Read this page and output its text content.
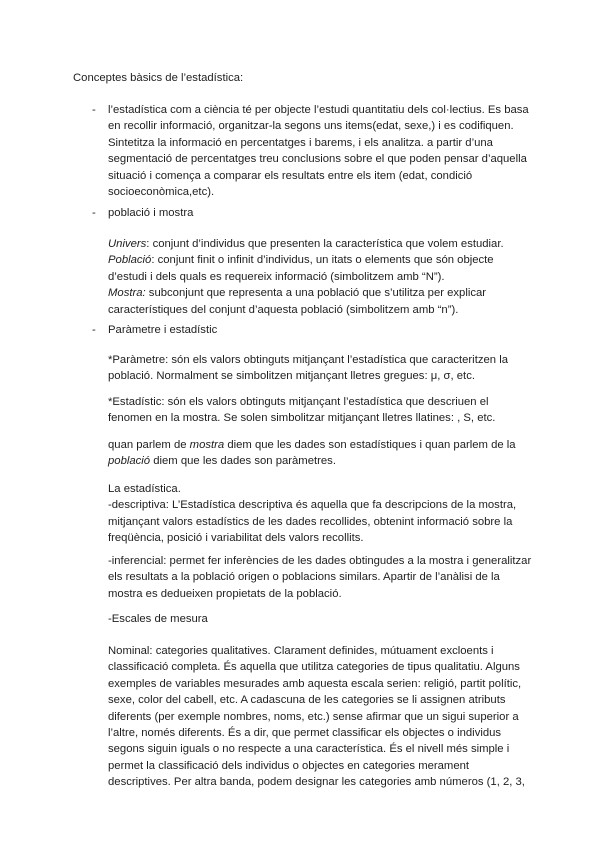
Conceptes bàsics de l’estadística:
- l’estadística com a ciència té per objecte l’estudi quantitatiu dels col·lectius. Es basa
en recollir informació, organitzar-la segons uns items(edat, sexe,) i es codifiquen.
Sintetitza la informació en percentatges i barems, i els analitza. a partir d’una
segmentació de percentatges treu conclusions sobre el que poden pensar d’aquella
situació i comença a comparar els resultats entre els item (edat, condició
socioeconòmica,etc).
- població i mostra
Univers: conjunt d’individus que presenten la característica que volem estudiar.
Població: conjunt finit o infinit d’individus, un itats o elements que són objecte
d’estudi i dels quals es requereix informació (simbolitzem amb “N”).
Mostra: subconjunt que representa a una població que s’utilitza per explicar
característiques del conjunt d’aquesta població (simbolitzem amb “n”).
- Paràmetre i estadístic
*Paràmetre: són els valors obtinguts mitjançant l’estadística que caracteritzen la
població. Normalment se simbolitzen mitjançant lletres gregues: μ, σ, etc.
*Estadístic: són els valors obtinguts mitjançant l’estadística que descriuen el
fenomen en la mostra. Se solen simbolitzar mitjançant lletres llatines: , S, etc.
quan parlem de mostra diem que les dades son estadístiques i quan parlem de la
població diem que les dades son paràmetres.
La estadística.
-descriptiva: L’Estadística descriptiva és aquella que fa descripcions de la mostra,
mitjançant valors estadístics de les dades recollides, obtenint informació sobre la
freqüència, posició i variabilitat dels valors recollits.
-inferencial: permet fer inferències de les dades obtingudes a la mostra i generalitzar
els resultats a la població origen o poblacions similars. Apartir de l’anàlisi de la
mostra es dedueixen propietats de la població.
-Escales de mesura
Nominal: categories qualitatives. Clarament definides, mútuament excloents i
classificació completa. És aquella que utilitza categories de tipus qualitatiu. Alguns
exemples de variables mesurades amb aquesta escala serien: religió, partit polític,
sexe, color del cabell, etc. A cadascuna de les categories se li assignen atributs
diferents (per exemple nombres, noms, etc.) sense afirmar que un sigui superior a
l’altre, només diferents. És a dir, que permet classificar els objectes o individus
segons siguin iguals o no respecte a una característica. És el nivell més simple i
permet la classificació dels individus o objectes en categories merament
descriptives. Per altra banda, podem designar les categories amb números (1, 2, 3,
